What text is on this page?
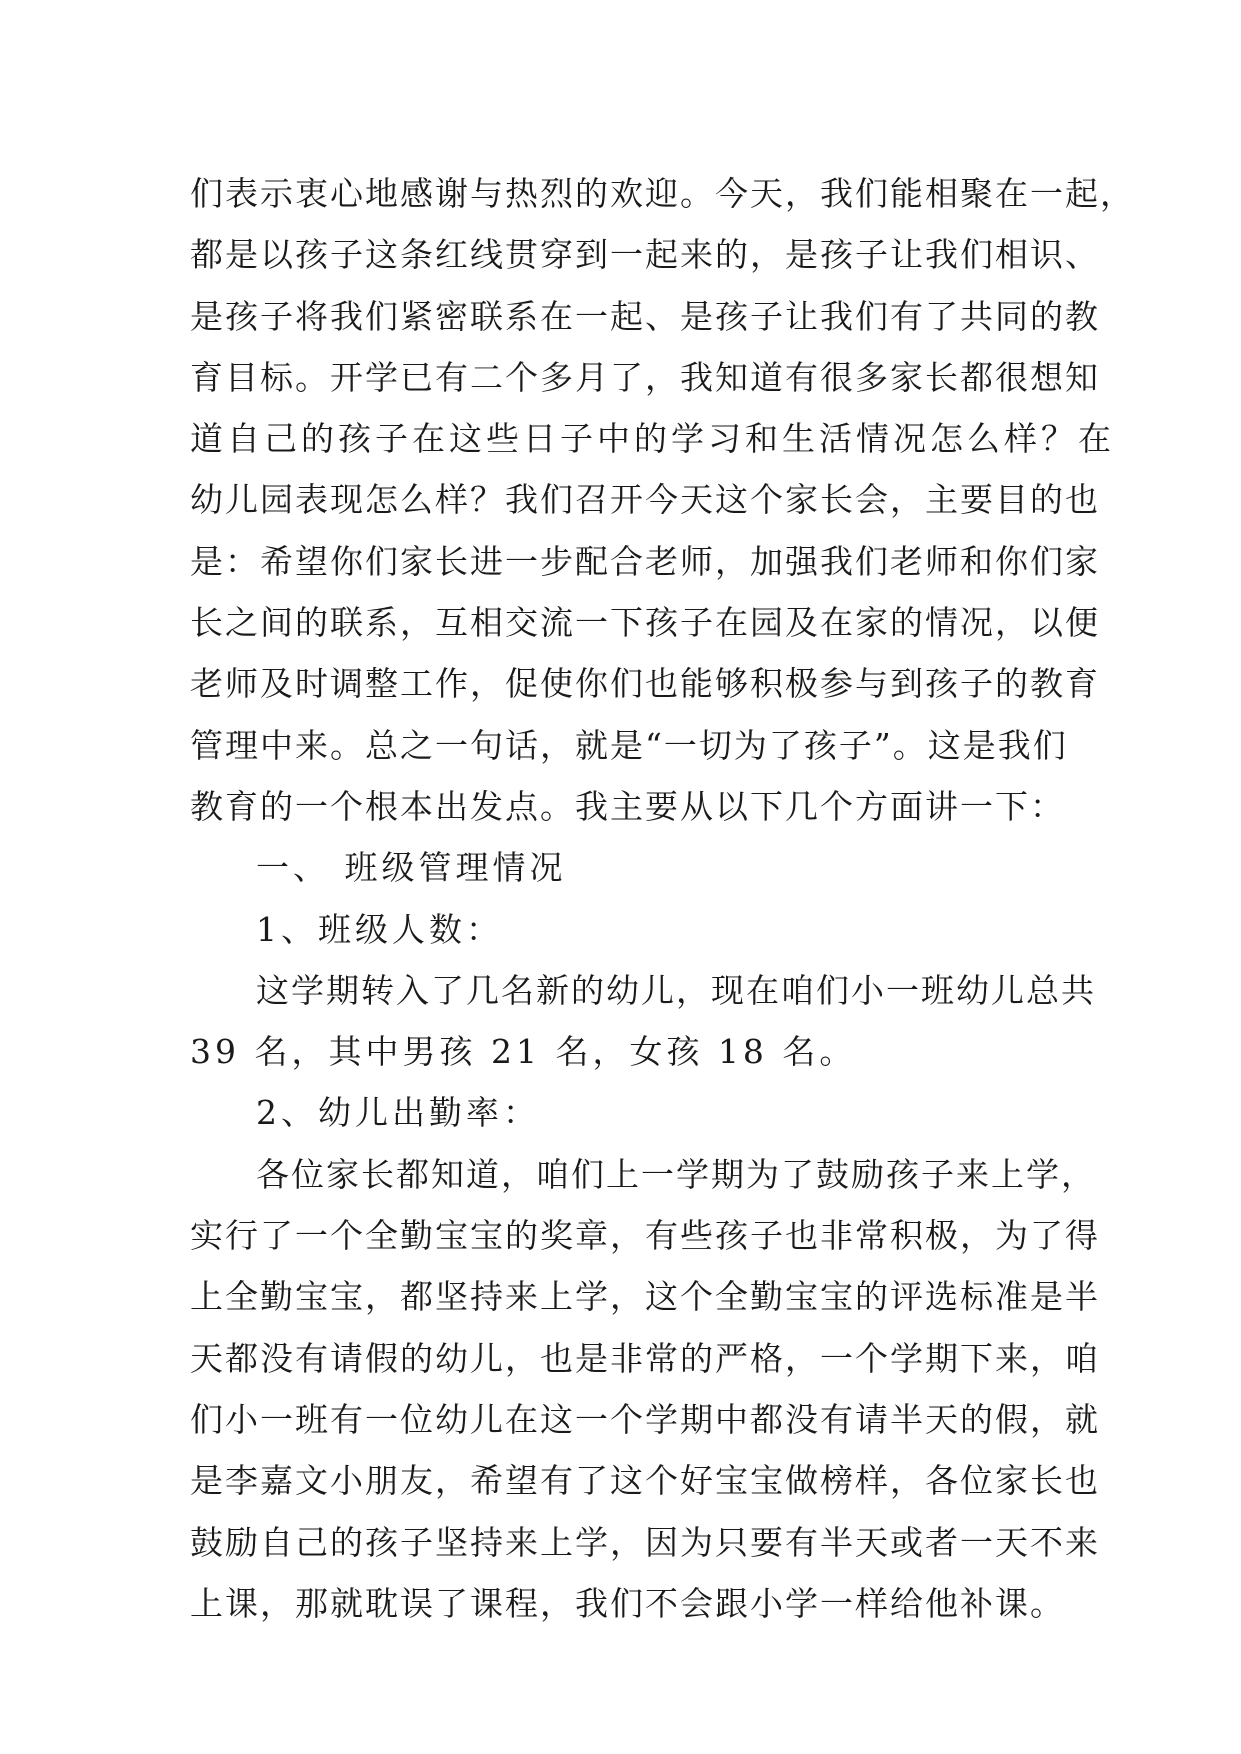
们表示衷心地感谢与热烈的欢迎。今天，我们能相聚在一起，
都是以孩子这条红线贯穿到一起来的，是孩子让我们相识、
是孩子将我们紧密联系在一起、是孩子让我们有了共同的教
育目标。开学已有二个多月了，我知道有很多家长都很想知
道自己的孩子在这些日子中的学习和生活情况怎么样？在
幼儿园表现怎么样？我们召开今天这个家长会，主要目的也
是：希望你们家长进一步配合老师，加强我们老师和你们家
长之间的联系，互相交流一下孩子在园及在家的情况，以便
老师及时调整工作，促使你们也能够积极参与到孩子的教育
管理中来。总之一句话，就是“一切为了孩子”。这是我们
教育的一个根本出发点。我主要从以下几个方面讲一下：
一、 班级管理情况
1、班级人数：
这学期转入了几名新的幼儿，现在咱们小一班幼儿总共
39 名，其中男孩 21 名，女孩 18 名。
2、幼儿出勤率：
各位家长都知道，咱们上一学期为了鼓励孩子来上学，
实行了一个全勤宝宝的奖章，有些孩子也非常积极，为了得
上全勤宝宝，都坚持来上学，这个全勤宝宝的评选标准是半
天都没有请假的幼儿，也是非常的严格，一个学期下来，咱
们小一班有一位幼儿在这一个学期中都没有请半天的假，就
是李嘉文小朋友，希望有了这个好宝宝做榜样，各位家长也
鼓励自己的孩子坚持来上学，因为只要有半天或者一天不来
上课，那就耽误了课程，我们不会跟小学一样给他补课。
